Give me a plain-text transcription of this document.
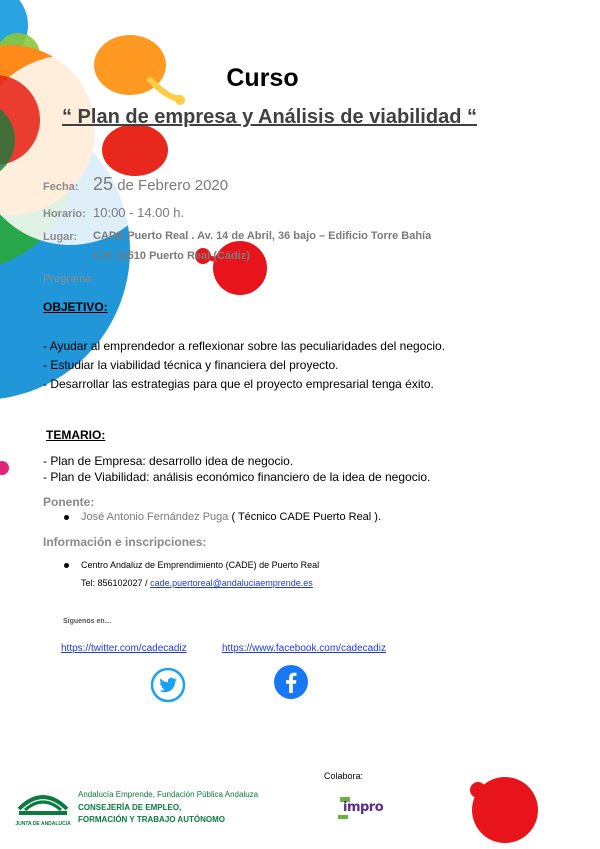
Curso
“ Plan de empresa y Análisis de viabilidad “
Fecha: 25 de Febrero 2020
Horario: 10:00 - 14.00 h.
Lugar: CADE Puerto Real . Av. 14 de Abril, 36 bajo – Edificio Torre Bahía
C.P. 11510 Puerto Real (Cádiz)
Programa:
OBJETIVO:
- Ayudar al emprendedor a reflexionar sobre las peculiaridades del negocio.
- Estudiar la viabilidad técnica y financiera del proyecto.
- Desarrollar las estrategias para que el proyecto empresarial tenga éxito.
TEMARIO:
- Plan de Empresa: desarrollo idea de negocio.
- Plan de Viabilidad: análisis económico financiero de la idea de negocio.
Ponente:
José Antonio Fernández Puga ( Técnico CADE Puerto Real ).
Información e inscripciones:
Centro Andaluz de Emprendimiento (CADE) de Puerto Real
Tel: 856102027 / cade.puertoreal@andaluciaemprende.es
Síguenos en…
https://twitter.com/cadecadiz	https://www.facebook.com/cadecadiz
JUNTA DE ANDALUCIA
Andalucía Emprende, Fundación Pública Andaluza
CONSEJERÍA DE EMPLEO,
FORMACIÓN Y TRABAJO AUTÓNOMO
Colabora:
impro
